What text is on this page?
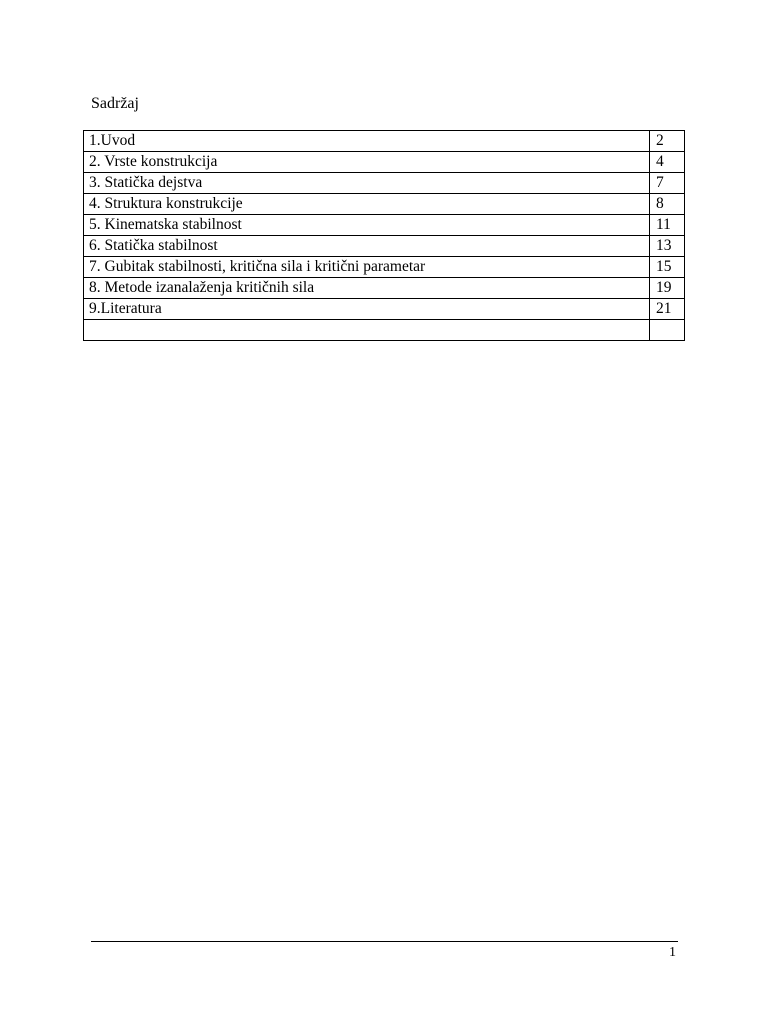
Sadržaj
1.Uvod	2
2. Vrste konstrukcija	4
3. Statička dejstva	7
4. Struktura konstrukcije	8
5. Kinematska stabilnost	11
6. Statička stabilnost	13
7. Gubitak stabilnosti, kritična sila i kritični parametar	15
8. Metode izanalaženja kritičnih sila	19
9.Literatura	21

1
